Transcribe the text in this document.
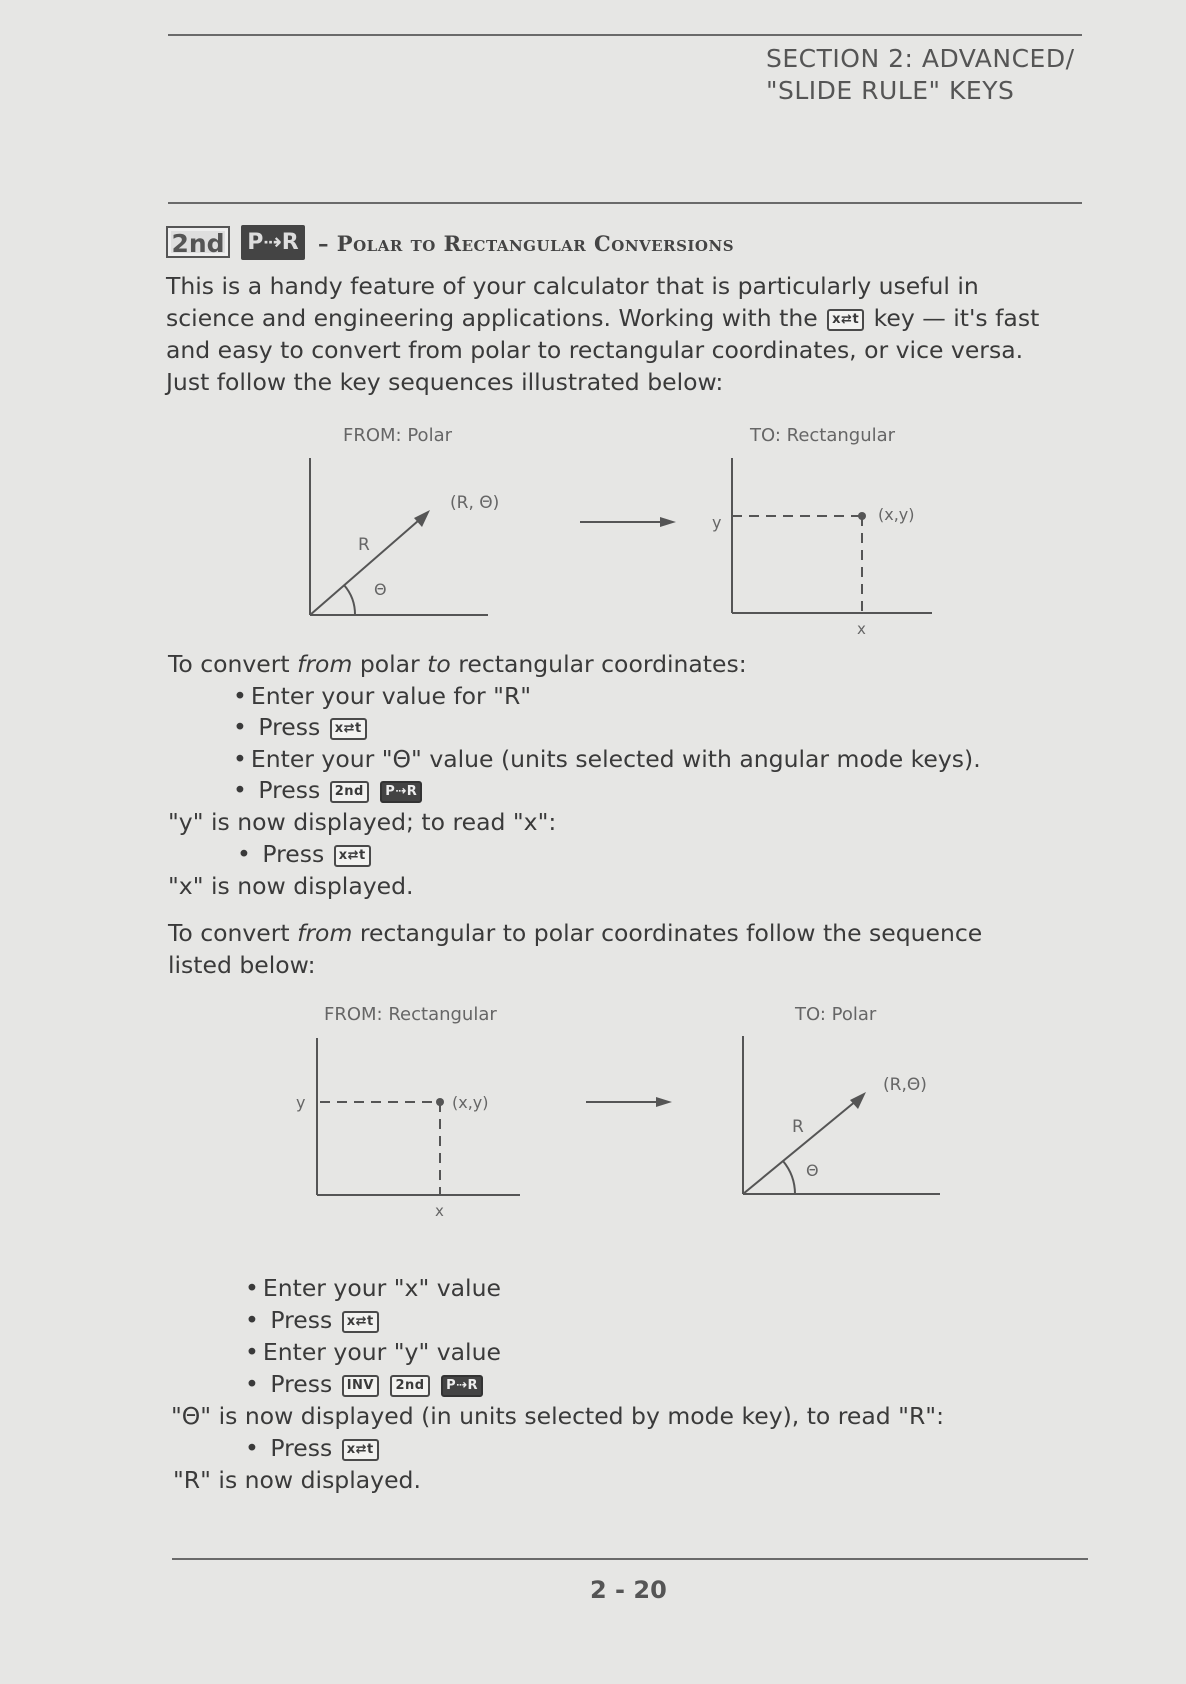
SECTION 2: ADVANCED/
"SLIDE RULE" KEYS
2nd P⇢R – Polar to Rectangular Conversions
This is a handy feature of your calculator that is particularly useful in
science and engineering applications. Working with the x⇄t key — it's fast
and easy to convert from polar to rectangular coordinates, or vice versa.
Just follow the key sequences illustrated below:
FROM: Polar	TO: Rectangular
(R, Θ)
R
Θ
y
x
(x,y)
To convert from polar to rectangular coordinates:
• Enter your value for "R"
• Press x⇄t
• Enter your "Θ" value (units selected with angular mode keys).
• Press 2nd P⇢R
"y" is now displayed; to read "x":
• Press x⇄t
"x" is now displayed.
To convert from rectangular to polar coordinates follow the sequence
listed below:
FROM: Rectangular	TO: Polar
y
x
(x,y)
(R,Θ)
R
Θ
• Enter your "x" value
• Press x⇄t
• Enter your "y" value
• Press INV 2nd P⇢R
"Θ" is now displayed (in units selected by mode key), to read "R":
• Press x⇄t
"R" is now displayed.
2 - 20
